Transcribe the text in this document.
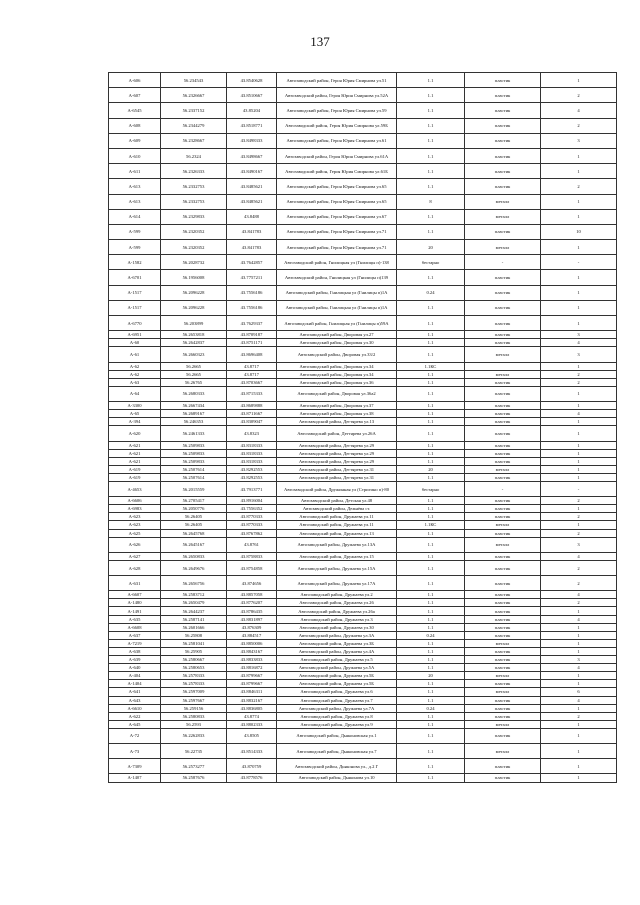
137
А-606	56.234543	43.8540628	Автозаводский район, Героя Юрия Смирнова ул.51	1.1	пластик	1
А-607	56.2326667	43.8510667	Автозаводский район, Героя Юрия Смирнова ул.52А	1.1	пластик	2
А-6545	56.2337152	43.85204	Автозаводский район, Героя Юрия Смирнова ул.59	1.1	пластик	4
А-608	56.2344279	43.8518771	Автозаводский район, Героя Юрия Смирнова ул.59Б	1.1	пластик	2
А-609	56.2328667	43.8498333	Автозаводский район, Героя Юрия Смирнова ул.61	1.1	пластик	3
А-610	56.2324	43.8498667	Автозаводский район, Героя Юрия Смирнова ул.61А	1.1	пластик	1
А-611	56.2326333	43.8490167	Автозаводский район, Героя Юрия Смирнова ул.61Б	1.1	пластик	1
А-613	56.2332753	43.8485621	Автозаводский район, Героя Юрия Смирнова ул.65	1.1	пластик	2
А-613	56.2332753	43.8485621	Автозаводский район, Героя Юрия Смирнова ул.65	8	металл	1
А-614	56.2329833	43.8488	Автозаводский район, Героя Юрия Смирнова ул.67	1.1	металл	1
А-599	56.2320352	43.841783	Автозаводский район, Героя Юрия Смирнова ул.71	1.1	пластик	10
А-599	56.2320352	43.841783	Автозаводский район, Героя Юрия Смирнова ул.71	20	металл	1
А-1582	56.2028732	43.7642857	Автозаводский район, Гнилицкая ул (Гнилицы п)-138	бестарно	-	-
А-6701	56.1956008	43.7757211	Автозаводский район, Гнилицкая ул (Гнилицы п)139	1.1	пластик	1
А-1517	56.2096228	43.7556186	Автозаводский район, Гнилицкая ул (Гнилицы п)1А	0.24	пластик	1
А-1517	56.2096228	43.7556186	Автозаводский район, Гнилицкая ул (Гнилицы п)1А	1.1	пластик	1
А-6770	56.203899	43.7629337	Автозаводский район, Гнилицкая ул (Гнилицы п)59А	1.1	пластик	1
А-6951	56.2653818	43.8709187	Автозаводский район, Дворовая ул.27	1.1	пластик	3
А-60	56.2642837	43.8751171	Автозаводский район, Дворовая ул.30	1.1	пластик	4
А-61	56.2660323	43.8696408	Автозаводский район, Дворовая ул.33/2	1.1	металл	3
А-62	56.2665	43.8717	Автозаводский район, Дворовая ул.34	1.1КС		1
А-62	56.2665	43.8717	Автозаводский район, Дворовая ул.34	1.1	металл	2
А-63	56.26765	43.8703667	Автозаводский район, Дворовая ул.36	1.1	пластик	2
А-64	56.2680333	43.8715333	Автозаводский район, Дворовая ул.36а2	1.1	пластик	1
А-3300	56.2667434	43.8689888	Автозаводский район, Дворовая ул.37	1.1	пластик	1
А-65	56.2689167	43.8711667	Автозаводский район, Дворовая ул.38	1.1	пластик	4
А-394	56.246353	43.8309047	Автозаводский район, Дегтярева ул.13	1.1	пластик	1
А-620	56.2461333	43.8323	Автозаводский район, Дегтярева ул.26А	1.1	пластик	1
А-621	56.2509833	43.8318333	Автозаводский район, Дегтярева ул.29	1.1	пластик	1
А-621	56.2509833	43.8318333	Автозаводский район, Дегтярева ул.29	1.1	пластик	1
А-621	56.2509833	43.8318333	Автозаводский район, Дегтярева ул.29	1.1	пластик	1
А-619	56.2507614	43.8292553	Автозаводский район, Дегтярева ул.31	20	металл	1
А-619	56.2507614	43.8292553	Автозаводский район, Дегтярева ул.31	1.1	пластик	1
А-4653	56.2015559	43.7913771	Автозаводский район, Дружинная ул (Стригино п)-80	бестарно	-	-
А-6606	56.2705417	43.8916004	Автозаводский район, Детская ул.48	1.1	пластик	2
А-6983	56.2050776	43.7556352	Автозаводский район, Дежнёва ст.	1.1	пластик	1
А-623	56.26405	43.8770333	Автозаводский район, Дружаева ул.11	1.1	пластик	2
А-623	56.26405	43.8770333	Автозаводский район, Дружаева ул.11	1.1КС	металл	1
А-625	56.2645768	43.8767862	Автозаводский район, Дружаева ул.13	1.1	пластик	2
А-626	56.2645167	43.8761	Автозаводский район, Дружаева ул.13А	1.1	металл	3
А-627	56.2650833	43.8758833	Автозаводский район, Дружаева ул.15	1.1	пластик	4
А-628	56.2649676	43.8754858	Автозаводский район, Дружаева ул.15А	1.1	пластик	2
А-631	56.2656756	43.874656	Автозаводский район, Дружаева ул.17А	1.1	пластик	2
А-6607	56.2583712	43.8857058	Автозаводский район, Дружаева ул.2	1.1	пластик	4
А-1480	56.2650479	43.8776207	Автозаводский район, Дружаева ул.26	1.1	пластик	2
А-1491	56.2644237	43.8786435	Автозаводский район, Дружаева ул.26а	1.1	пластик	1
А-635	56.2587141	43.8831897	Автозаводский район, Дружаева ул.3	1.1	пластик	4
А-6608	56.2601666	43.876309	Автозаводский район, Дружаева ул.30	1.1	пластик	1
А-637	56.25808	43.884517	Автозаводский район, Дружаева ул.3А	0.24	пластик	1
А-7219	56.2581041	43.8850006	Автозаводский район, Дружаева ул.3Б	1.1	металл	1
А-638	56.25905	43.8843167	Автозаводский район, Дружаева ул.4А	1.1	пластик	1
А-639	56.2580667	43.8833833	Автозаводский район, Дружаева ул.5	1.1	пластик	3
А-640	56.2580653	43.8816872	Автозаводский район, Дружаева ул.5А	1.1	пластик	4
А-404	56.2578333	43.8799667	Автозаводский район, Дружаева ул.5Б	20	металл	1
А-1404	56.2578333	43.8799667	Автозаводский район, Дружаева ул.5Б	1.1	пластик	1
А-641	56.2597009	43.8846311	Автозаводский район, Дружаева ул.6	1.1	металл	6
А-643	56.2597667	43.8832167	Автозаводский район, Дружаева ул.7	1.1	пластик	4
А-6610	56.259156	43.8836805	Автозаводский район, Дружаева ул.7А	0.24	пластик	1
А-622	56.2580833	43.8774	Автозаводский район, Дружаева ул.8	1.1	пластик	2
А-645	56.2593	43.8802333	Автозаводский район, Дружаева ул.9	1.1	металл	1
А-72	56.2262833	43.8505	Автозаводский район, Дьяконовская ул.1	1.1	пластик	1
А-73	56.22735	43.8514333	Автозаводский район, Дьяконовская ул.7	1.1	металл	1
А-7309	56.2573277	43.870759	Автозаводский район, Дьяконова ул., д.2 Г	1.1	пластик	1
А-1407	56.2587676	43.8778576	Автозаводский район, Дьяконова ул.10	1.1	пластик	1
